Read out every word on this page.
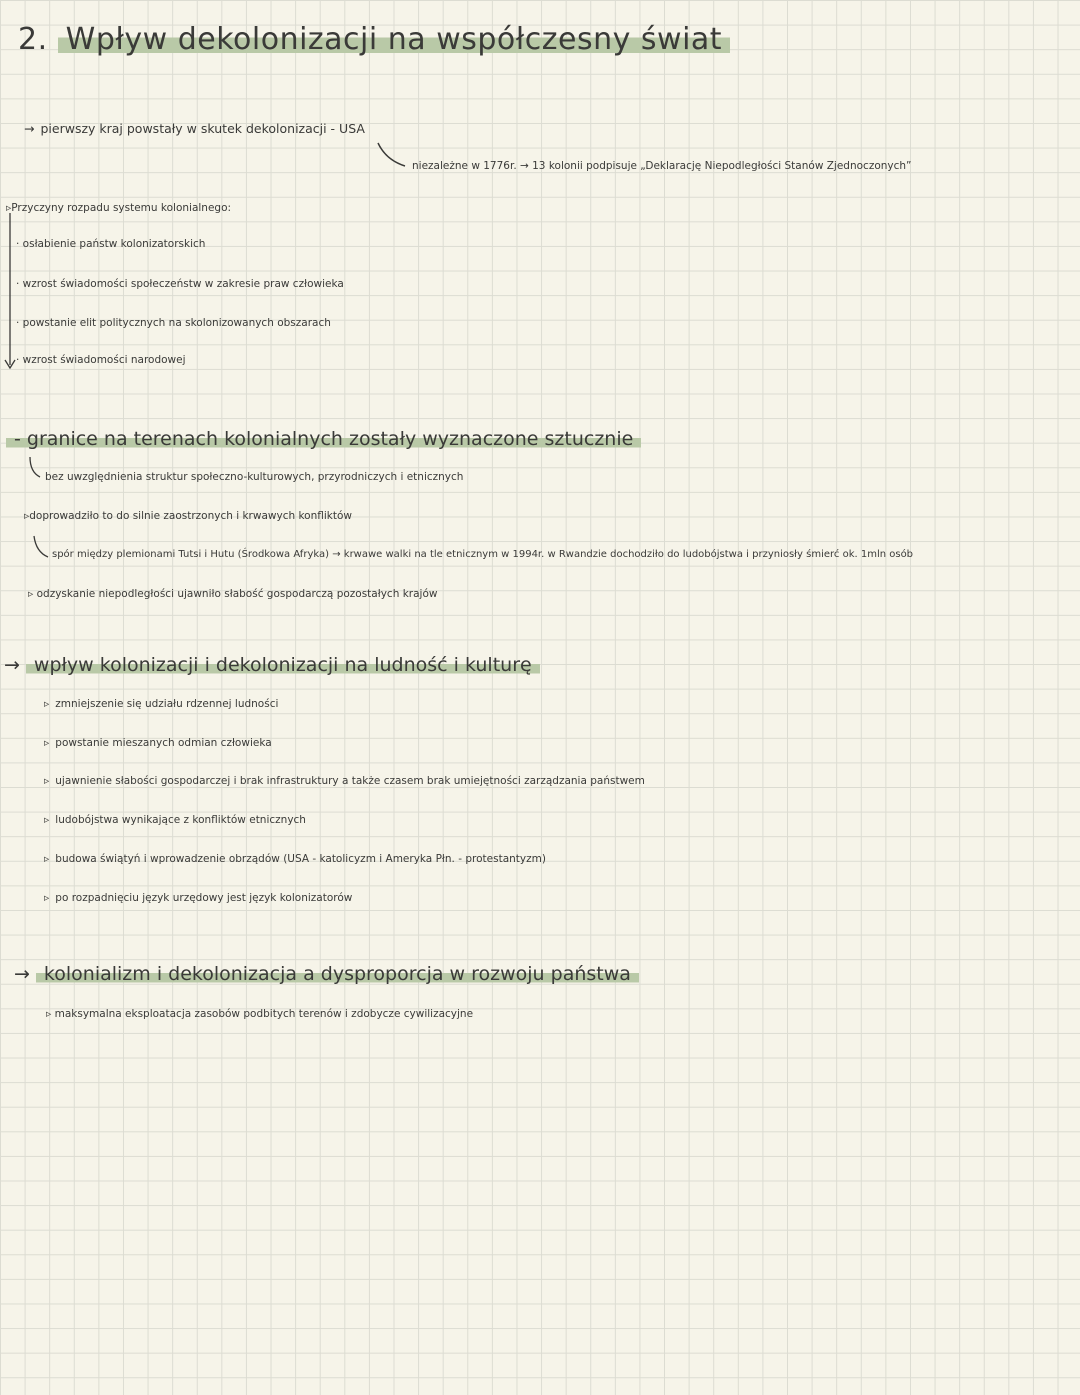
2. Wpływ dekolonizacji na współczesny świat
→ pierwszy kraj powstały w skutek dekolonizacji - USA
niezależne w 1776r. → 13 kolonii podpisuje „Deklarację Niepodległości Stanów Zjednoczonych”
▹Przyczyny rozpadu systemu kolonialnego:
· osłabienie państw kolonizatorskich
· wzrost świadomości społeczeństw w zakresie praw człowieka
· powstanie elit politycznych na skolonizowanych obszarach
· wzrost świadomości narodowej
- granice na terenach kolonialnych zostały wyznaczone sztucznie
bez uwzględnienia struktur społeczno-kulturowych, przyrodniczych i etnicznych
▹doprowadziło to do silnie zaostrzonych i krwawych konfliktów
spór między plemionami Tutsi i Hutu (Środkowa Afryka) → krwawe walki na tle etnicznym w 1994r. w Rwandzie dochodziło do ludobójstwa i przyniosły śmierć ok. 1mln osób
▹ odzyskanie niepodległości ujawniło słabość gospodarczą pozostałych krajów
→ wpływ kolonizacji i dekolonizacji na ludność i kulturę
▹ zmniejszenie się udziału rdzennej ludności
▹ powstanie mieszanych odmian człowieka
▹ ujawnienie słabości gospodarczej i brak infrastruktury a także czasem brak umiejętności zarządzania państwem
▹ ludobójstwa wynikające z konfliktów etnicznych
▹ budowa świątyń i wprowadzenie obrządów (USA - katolicyzm i Ameryka Płn. - protestantyzm)
▹ po rozpadnięciu język urzędowy jest język kolonizatorów
→ kolonializm i dekolonizacja a dysproporcja w rozwoju państwa
▹ maksymalna eksploatacja zasobów podbitych terenów i zdobycze cywilizacyjne
